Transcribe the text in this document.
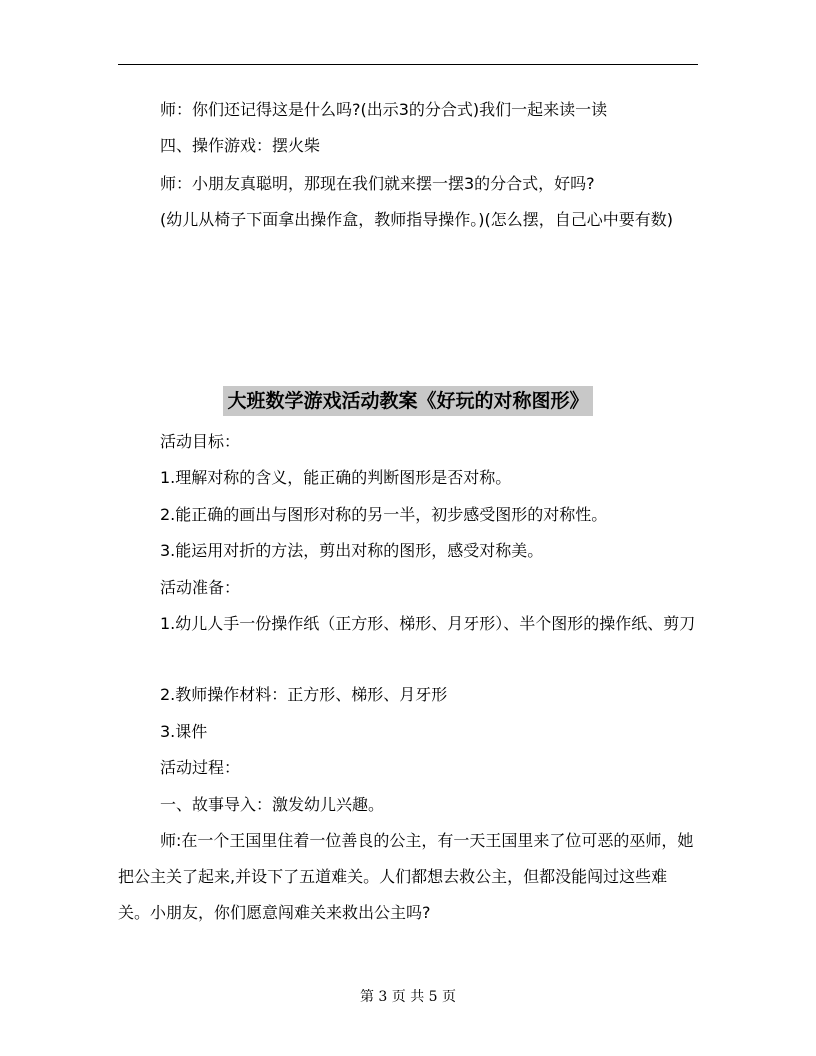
师：你们还记得这是什么吗?(出示3的分合式)我们一起来读一读
四、操作游戏：摆火柴
师：小朋友真聪明，那现在我们就来摆一摆3的分合式，好吗?
(幼儿从椅子下面拿出操作盒，教师指导操作。)(怎么摆，自己心中要有数)
大班数学游戏活动教案《好玩的对称图形》
活动目标：
1.理解对称的含义，能正确的判断图形是否对称。
2.能正确的画出与图形对称的另一半，初步感受图形的对称性。
3.能运用对折的方法，剪出对称的图形，感受对称美。
活动准备：
1.幼儿人手一份操作纸（正方形、梯形、月牙形）、半个图形的操作纸、剪刀
2.教师操作材料：正方形、梯形、月牙形
3.课件
活动过程：
一、故事导入：激发幼儿兴趣。
师:在一个王国里住着一位善良的公主，有一天王国里来了位可恶的巫师，她把公主关了起来,并设下了五道难关。人们都想去救公主，但都没能闯过这些难关。小朋友，你们愿意闯难关来救出公主吗?
第 3 页 共 5 页
